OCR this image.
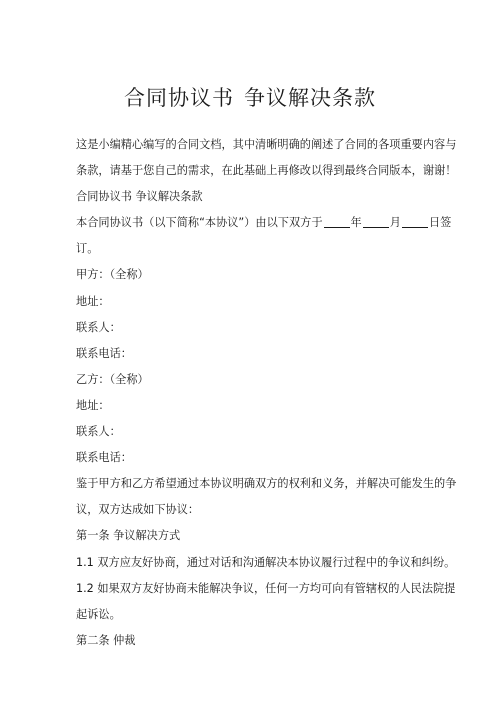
合同协议书 争议解决条款
这是小编精心编写的合同文档，其中清晰明确的阐述了合同的各项重要内容与
条款，请基于您自己的需求，在此基础上再修改以得到最终合同版本，谢谢！
合同协议书 争议解决条款
本合同协议书（以下简称“本协议”）由以下双方于	年	月	日签
订。
甲方：（全称）
地址：
联系人：
联系电话：
乙方：（全称）
地址：
联系人：
联系电话：
鉴于甲方和乙方希望通过本协议明确双方的权利和义务，并解决可能发生的争
议，双方达成如下协议：
第一条 争议解决方式
1.1 双方应友好协商，通过对话和沟通解决本协议履行过程中的争议和纠纷。
1.2 如果双方友好协商未能解决争议，任何一方均可向有管辖权的人民法院提
起诉讼。
第二条 仲裁
